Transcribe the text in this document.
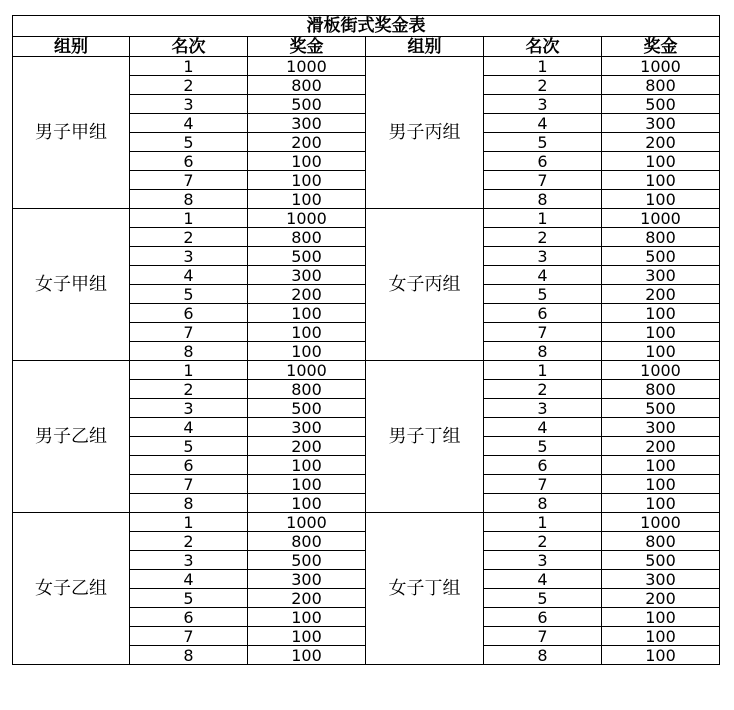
滑板街式奖金表					
组别	名次	奖金	组别	名次	奖金
男子甲组	1	1000	男子丙组	1	1000
	2	800		2	800
	3	500		3	500
	4	300		4	300
	5	200		5	200
	6	100		6	100
	7	100		7	100
	8	100		8	100
女子甲组	1	1000	女子丙组	1	1000
	2	800		2	800
	3	500		3	500
	4	300		4	300
	5	200		5	200
	6	100		6	100
	7	100		7	100
	8	100		8	100
男子乙组	1	1000	男子丁组	1	1000
	2	800		2	800
	3	500		3	500
	4	300		4	300
	5	200		5	200
	6	100		6	100
	7	100		7	100
	8	100		8	100
女子乙组	1	1000	女子丁组	1	1000
	2	800		2	800
	3	500		3	500
	4	300		4	300
	5	200		5	200
	6	100		6	100
	7	100		7	100
	8	100		8	100
